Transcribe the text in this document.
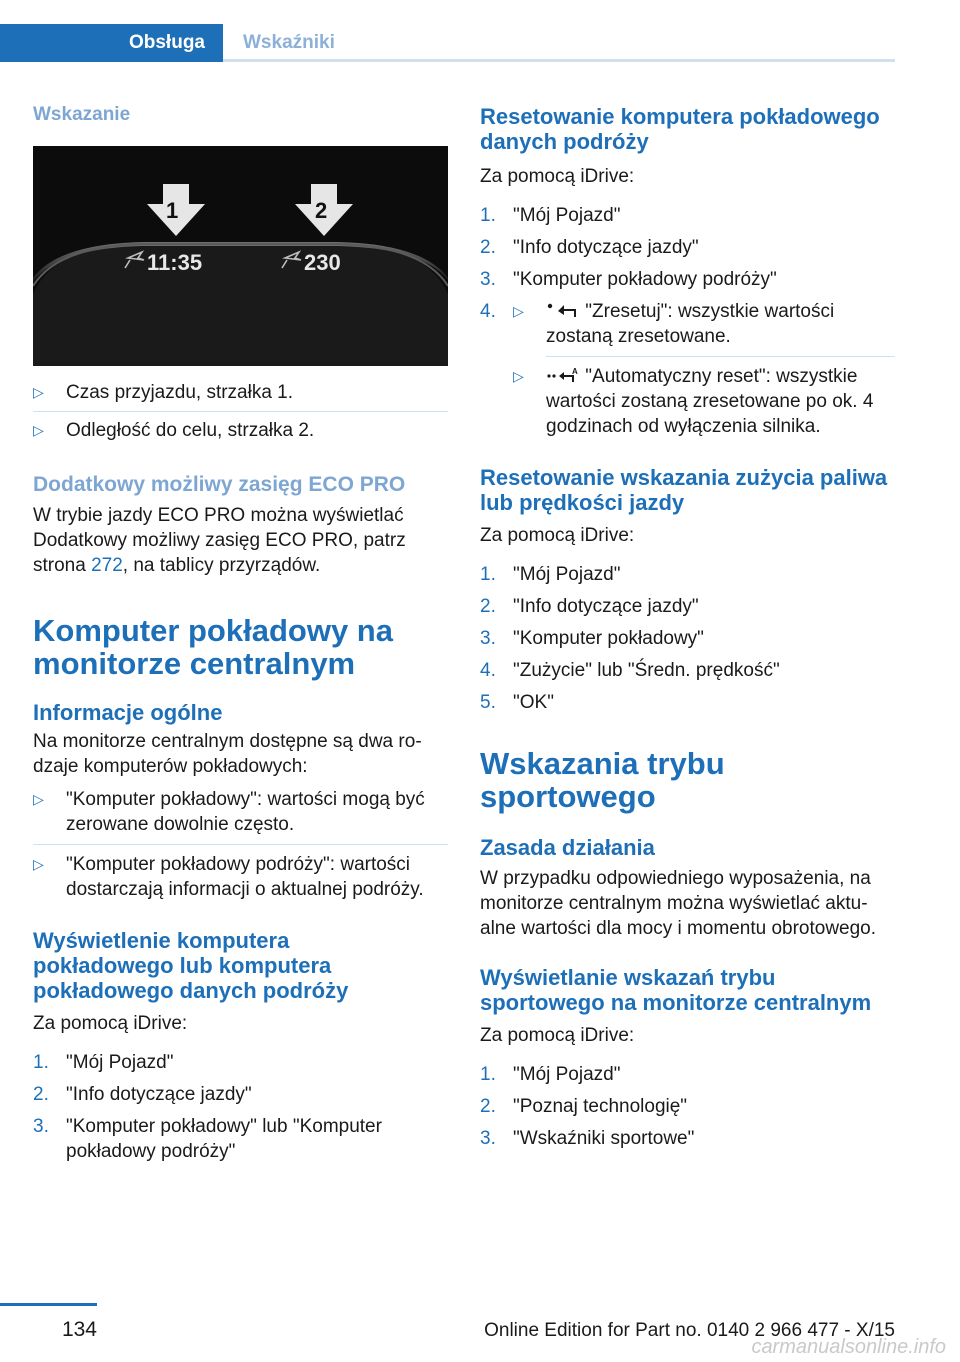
Obsługa	Wskaźniki
Wskazanie
1	2
11:35	230
▷ Czas przyjazdu, strzałka 1.
▷ Odległość do celu, strzałka 2.
Dodatkowy możliwy zasięg ECO PRO

W trybie jazdy ECO PRO można wyświetlać Dodatkowy możliwy zasięg ECO PRO, patrz strona 272, na tablicy przyrządów.

Komputer pokładowy na monitorze centralnym
Informacje ogólne

Na monitorze centralnym dostępne są dwa rodzaje komputerów pokładowych:

▷ "Komputer pokładowy": wartości mogą być zerowane dowolnie często.
▷ "Komputer pokładowy podróży": wartości dostarczają informacji o aktualnej podróży.
Wyświetlenie komputera pokładowego lub komputera pokładowego danych podróży

Za pomocą iDrive:

1. "Mój Pojazd"
2. "Info dotyczące jazdy"
3. "Komputer pokładowy" lub "Komputer pokładowy podróży"
Resetowanie komputera pokładowego danych podróży

Za pomocą iDrive:

1. "Mój Pojazd"
2. "Info dotyczące jazdy"
3. "Komputer pokładowy podróży"
4. ▷	"Zresetuj": wszystkie wartości zostaną zresetowane.
▷	A "Automatyczny reset": wszystkie wartości zostaną zresetowane po ok. 4 godzinach od wyłączenia silnika.
Resetowanie wskazania zużycia paliwa lub prędkości jazdy

Za pomocą iDrive:

1. "Mój Pojazd"
2. "Info dotyczące jazdy"
3. "Komputer pokładowy"
4. "Zużycie" lub "Średn. prędkość"
5. "OK"
Wskazania trybu sportowego
Zasada działania

W przypadku odpowiedniego wyposażenia, na monitorze centralnym można wyświetlać aktualne wartości dla mocy i momentu obrotowego.

Wyświetlanie wskazań trybu sportowego na monitorze centralnym

Za pomocą iDrive:

1. "Mój Pojazd"
2. "Poznaj technologię"
3. "Wskaźniki sportowe"
134	Online Edition for Part no. 0140 2 966 477 - X/15
carmanualsonline.info
